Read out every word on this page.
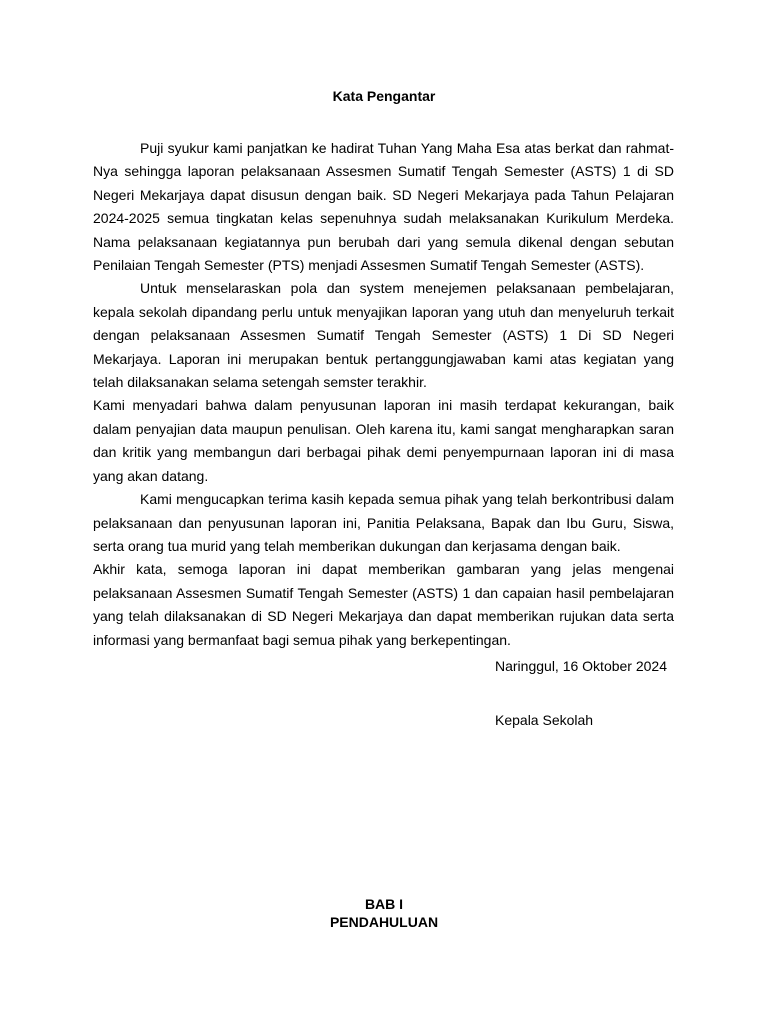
Kata Pengantar

Puji syukur kami panjatkan ke hadirat Tuhan Yang Maha Esa atas berkat dan rahmat-Nya sehingga laporan pelaksanaan Assesmen Sumatif Tengah Semester (ASTS) 1 di SD Negeri Mekarjaya dapat disusun dengan baik. SD Negeri Mekarjaya pada Tahun Pelajaran 2024-2025 semua tingkatan kelas sepenuhnya sudah melaksanakan Kurikulum Merdeka. Nama pelaksanaan kegiatannya pun berubah dari yang semula dikenal dengan sebutan Penilaian Tengah Semester (PTS) menjadi Assesmen Sumatif Tengah Semester (ASTS).

Untuk menselaraskan pola dan system menejemen pelaksanaan pembelajaran, kepala sekolah dipandang perlu untuk menyajikan laporan yang utuh dan menyeluruh terkait dengan pelaksanaan Assesmen Sumatif Tengah Semester (ASTS) 1 Di SD Negeri Mekarjaya. Laporan ini merupakan bentuk pertanggungjawaban kami atas kegiatan yang telah dilaksanakan selama setengah semster terakhir.

Kami menyadari bahwa dalam penyusunan laporan ini masih terdapat kekurangan, baik dalam penyajian data maupun penulisan. Oleh karena itu, kami sangat mengharapkan saran dan kritik yang membangun dari berbagai pihak demi penyempurnaan laporan ini di masa yang akan datang.

Kami mengucapkan terima kasih kepada semua pihak yang telah berkontribusi dalam pelaksanaan dan penyusunan laporan ini, Panitia Pelaksana, Bapak dan Ibu Guru, Siswa, serta orang tua murid yang telah memberikan dukungan dan kerjasama dengan baik.

Akhir kata, semoga laporan ini dapat memberikan gambaran yang jelas mengenai pelaksanaan Assesmen Sumatif Tengah Semester (ASTS) 1 dan capaian hasil pembelajaran yang telah dilaksanakan di SD Negeri Mekarjaya dan dapat memberikan rujukan data serta informasi yang bermanfaat bagi semua pihak yang berkepentingan.

Naringgul, 16 Oktober 2024
Kepala Sekolah
BAB I
PENDAHULUAN
